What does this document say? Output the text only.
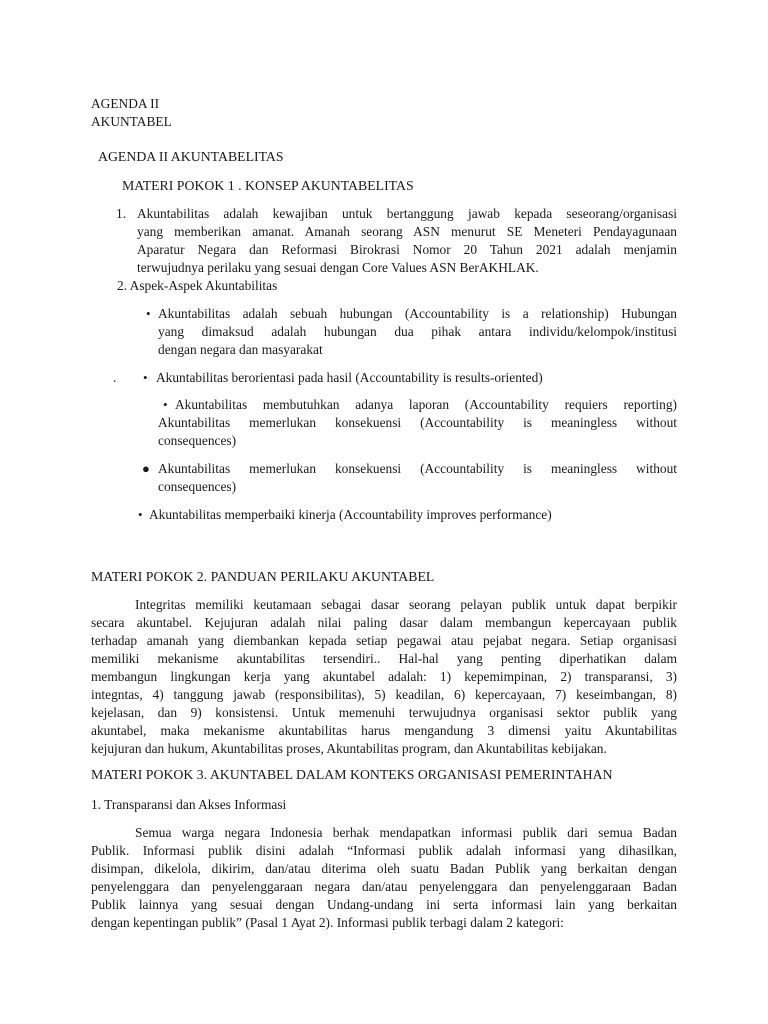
AGENDA II
AKUNTABEL
AGENDA II AKUNTABELITAS
MATERI POKOK 1 . KONSEP AKUNTABELITAS
1. Akuntabilitas adalah kewajiban untuk bertanggung jawab kepada seseorang/organisasi
yang memberikan amanat. Amanah seorang ASN menurut SE Meneteri Pendayagunaan
Aparatur Negara dan Reformasi Birokrasi Nomor 20 Tahun 2021 adalah menjamin
terwujudnya perilaku yang sesuai dengan Core Values ASN BerAKHLAK.
2. Aspek-Aspek Akuntabilitas
• Akuntabilitas adalah sebuah hubungan (Accountability is a relationship) Hubungan
yang dimaksud adalah hubungan dua pihak antara individu/kelompok/institusi
dengan negara dan masyarakat
. • Akuntabilitas berorientasi pada hasil (Accountability is results-oriented)
• Akuntabilitas membutuhkan adanya laporan (Accountability requiers reporting)
Akuntabilitas memerlukan konsekuensi (Accountability is meaningless without
consequences)
● Akuntabilitas memerlukan konsekuensi (Accountability is meaningless without
consequences)
• Akuntabilitas memperbaiki kinerja (Accountability improves performance)
MATERI POKOK 2. PANDUAN PERILAKU AKUNTABEL
Integritas memiliki keutamaan sebagai dasar seorang pelayan publik untuk dapat berpikir
secara akuntabel. Kejujuran adalah nilai paling dasar dalam membangun kepercayaan publik
terhadap amanah yang diembankan kepada setiap pegawai atau pejabat negara. Setiap organisasi
memiliki mekanisme akuntabilitas tersendiri.. Hal-hal yang penting diperhatikan dalam
membangun lingkungan kerja yang akuntabel adalah: 1) kepemimpinan, 2) transparansi, 3)
integntas, 4) tanggung jawab (responsibilitas), 5) keadilan, 6) kepercayaan, 7) keseimbangan, 8)
kejelasan, dan 9) konsistensi. Untuk memenuhi terwujudnya organisasi sektor publik yang
akuntabel, maka mekanisme akuntabilitas harus mengandung 3 dimensi yaitu Akuntabilitas
kejujuran dan hukum, Akuntabilitas proses, Akuntabilitas program, dan Akuntabilitas kebijakan.
MATERI POKOK 3. AKUNTABEL DALAM KONTEKS ORGANISASI PEMERINTAHAN
1. Transparansi dan Akses Informasi
Semua warga negara Indonesia berhak mendapatkan informasi publik dari semua Badan
Publik. Informasi publik disini adalah “Informasi publik adalah informasi yang dihasilkan,
disimpan, dikelola, dikirim, dan/atau diterima oleh suatu Badan Publik yang berkaitan dengan
penyelenggara dan penyelenggaraan negara dan/atau penyelenggara dan penyelenggaraan Badan
Publik lainnya yang sesuai dengan Undang-undang ini serta informasi lain yang berkaitan
dengan kepentingan publik” (Pasal 1 Ayat 2). Informasi publik terbagi dalam 2 kategori:
